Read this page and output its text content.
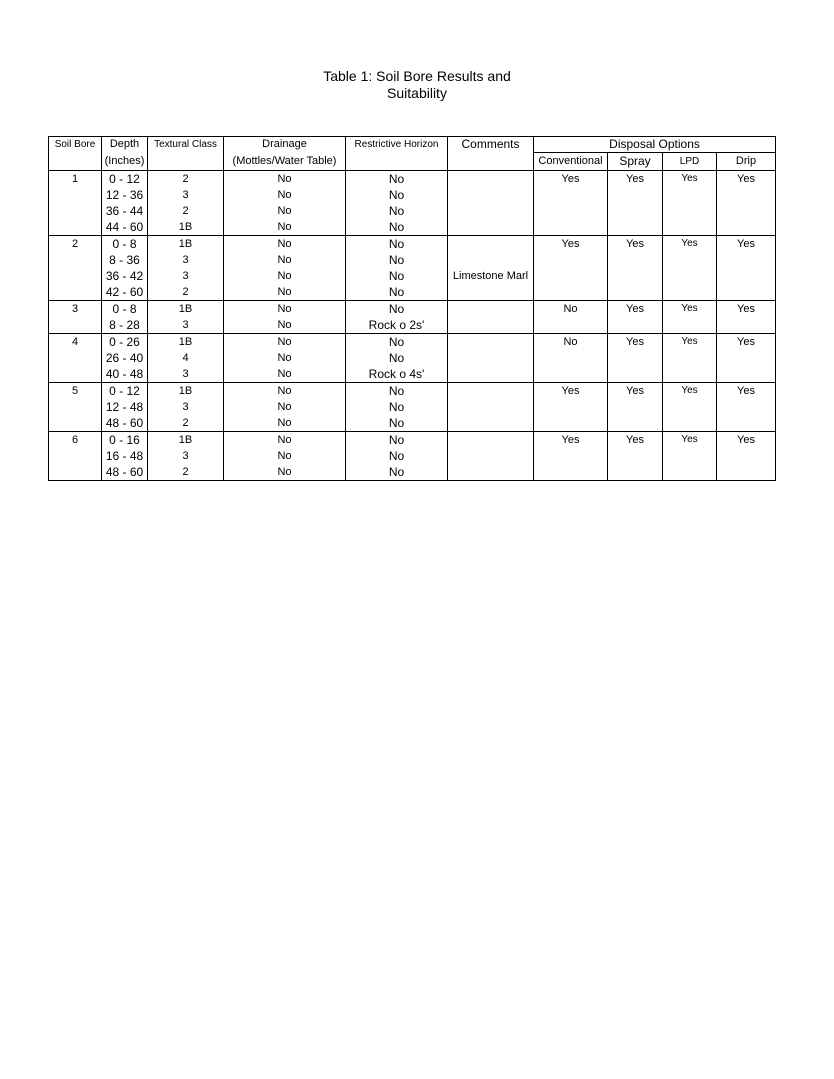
Table 1: Soil Bore Results and
Suitability
Soil Bore	Depth	Textural Class	Drainage	Restrictive Horizon	Comments	Disposal Options			
	(Inches)		(Mottles/Water Table)			Conventional	Spray	LPD	Drip
1	0 - 12	2	No	No		Yes	Yes	Yes	Yes
	12 - 36	3	No	No					
	36 - 44	2	No	No					
	44 - 60	1B	No	No					
2	0 - 8	1B	No	No		Yes	Yes	Yes	Yes
	8 - 36	3	No	No					
	36 - 42	3	No	No	Limestone Marl				
	42 - 60	2	No	No					
3	0 - 8	1B	No	No		No	Yes	Yes	Yes
	8 - 28	3	No	Rock o 2s'					
4	0 - 26	1B	No	No		No	Yes	Yes	Yes
	26 - 40	4	No	No					
	40 - 48	3	No	Rock o 4s'					
5	0 - 12	1B	No	No		Yes	Yes	Yes	Yes
	12 - 48	3	No	No					
	48 - 60	2	No	No					
6	0 - 16	1B	No	No		Yes	Yes	Yes	Yes
	16 - 48	3	No	No					
	48 - 60	2	No	No					
